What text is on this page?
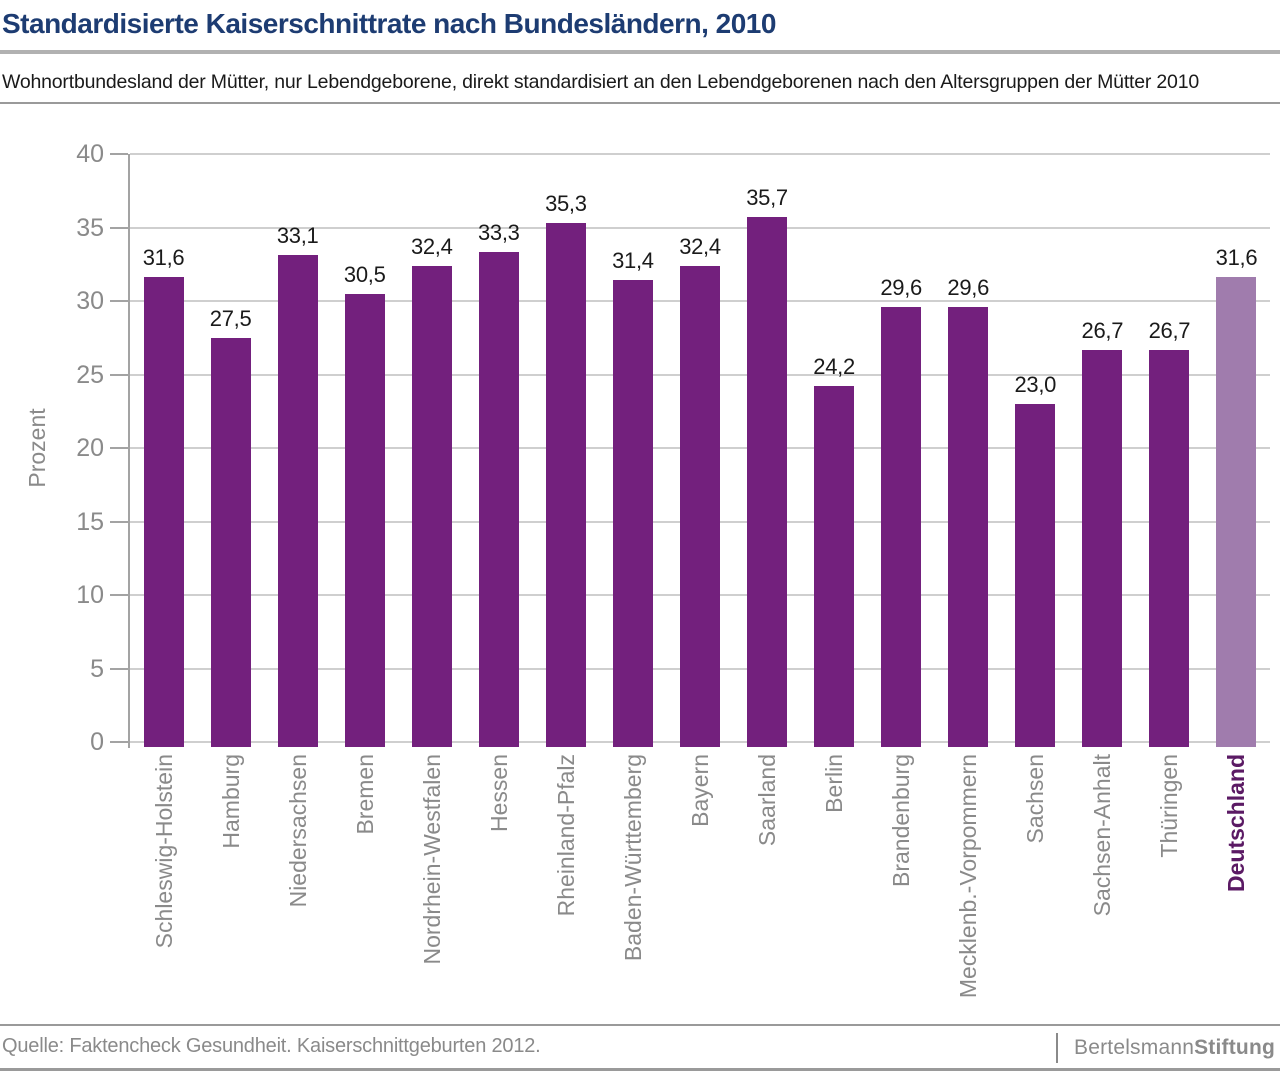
Standardisierte Kaiserschnittrate nach Bundesländern, 2010
Wohnortbundesland der Mütter, nur Lebendgeborene, direkt standardisiert an den Lebendgeborenen nach den Altersgruppen der Mütter 2010
Prozent
0
5
10
15
20
25
30
35
40
31,6
Schleswig-Holstein
27,5
Hamburg
33,1
Niedersachsen
30,5
Bremen
32,4
Nordrhein-Westfalen
33,3
Hessen
35,3
Rheinland-Pfalz
31,4
Baden-Württemberg
32,4
Bayern
35,7
Saarland
24,2
Berlin
29,6
Brandenburg
29,6
Mecklenb.-Vorpommern
23,0
Sachsen
26,7
Sachsen-Anhalt
26,7
Thüringen
31,6
Deutschland
Quelle: Faktencheck Gesundheit. Kaiserschnittgeburten 2012.	Bertelsmann Stiftung
